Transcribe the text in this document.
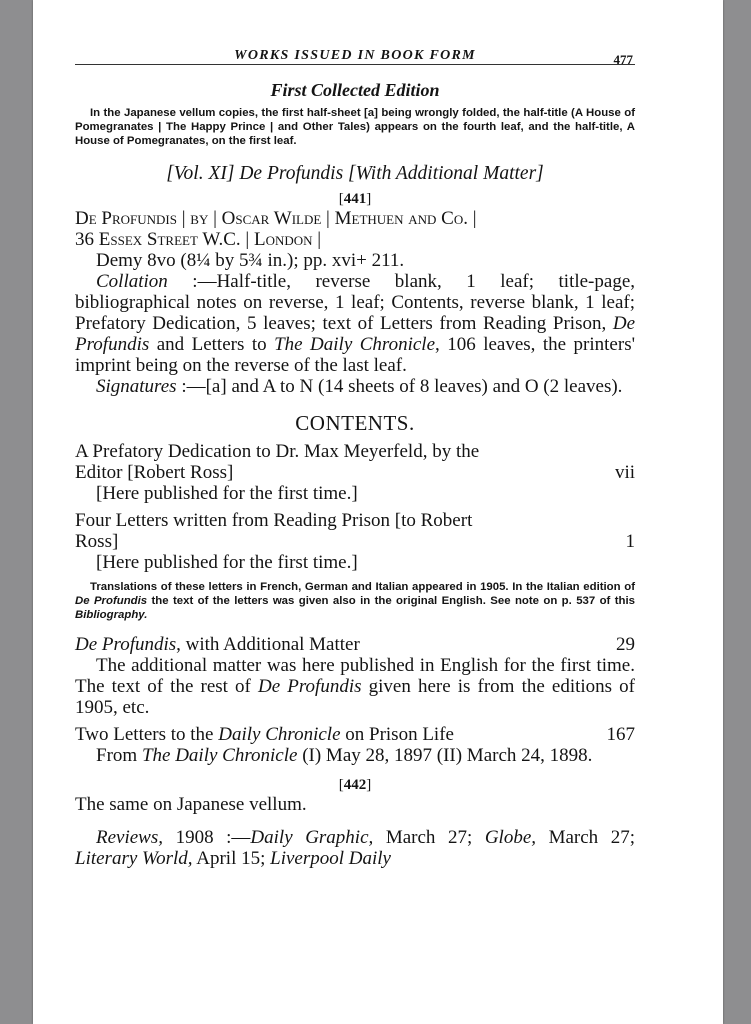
WORKS ISSUED IN BOOK FORM	477
First Collected Edition

In the Japanese vellum copies, the first half-sheet [a] being wrongly folded, the half-title (A House of Pomegranates | The Happy Prince | and Other Tales) appears on the fourth leaf, and the half-title, A House of Pomegranates, on the first leaf.

[Vol. XI] De Profundis [With Additional Matter]
[441]
De Profundis | by | Oscar Wilde | Methuen and Co. |
36 Essex Street W.C. | London |
Demy 8vo (8¼ by 5¾ in.); pp. xvi+ 211.
Collation :—Half-title, reverse blank, 1 leaf; title-page, bibliographical notes on reverse, 1 leaf; Contents, reverse blank, 1 leaf; Prefatory Dedication, 5 leaves; text of Letters from Reading Prison, De Profundis and Letters to The Daily Chronicle, 106 leaves, the printers' imprint being on the reverse of the last leaf.
Signatures :—[a] and A to N (14 sheets of 8 leaves) and O (2 leaves).
CONTENTS.
A Prefatory Dedication to Dr. Max Meyerfeld, by the
Editor [Robert Ross]	vii
[Here published for the first time.]
Four Letters written from Reading Prison [to Robert
Ross]	1
[Here published for the first time.]

Translations of these letters in French, German and Italian appeared in 1905. In the Italian edition of De Profundis the text of the letters was given also in the original English. See note on p. 537 of this Bibliography.

De Profundis, with Additional Matter	29
The additional matter was here published in English for the first time. The text of the rest of De Profundis given here is from the editions of 1905, etc.
Two Letters to the Daily Chronicle on Prison Life	167
From The Daily Chronicle (I) May 28, 1897 (II) March 24, 1898.
[442]
The same on Japanese vellum.
Reviews, 1908 :—Daily Graphic, March 27; Globe, March 27; Literary World, April 15; Liverpool Daily
